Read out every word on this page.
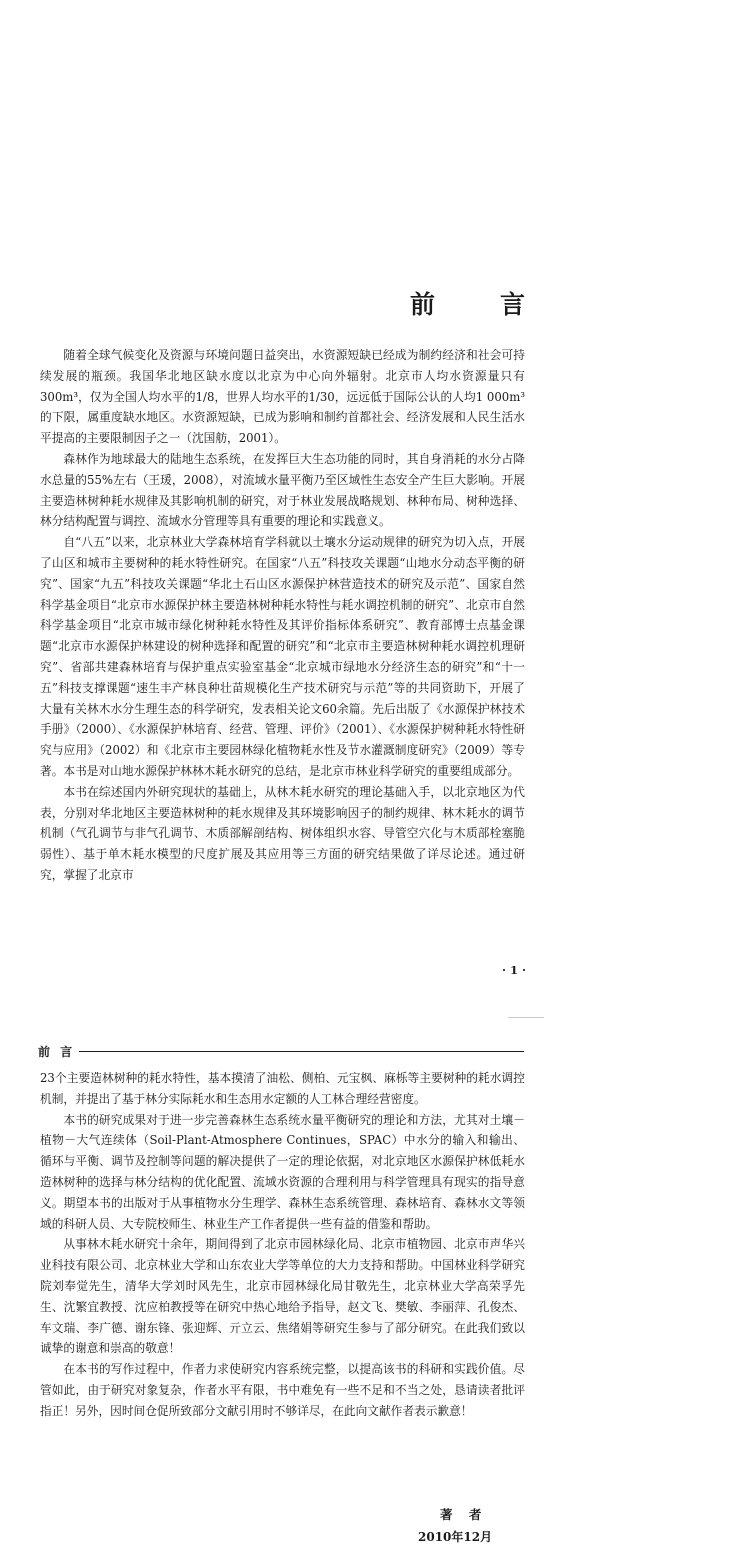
前	言

随着全球气候变化及资源与环境问题日益突出，水资源短缺已经成为制约经济和社会可持续发展的瓶颈。我国华北地区缺水度以北京为中心向外辐射。北京市人均水资源量只有300m³，仅为全国人均水平的1/8，世界人均水平的1/30，远远低于国际公认的人均1 000m³的下限，属重度缺水地区。水资源短缺，已成为影响和制约首都社会、经济发展和人民生活水平提高的主要限制因子之一（沈国舫，2001）。

森林作为地球最大的陆地生态系统，在发挥巨大生态功能的同时，其自身消耗的水分占降水总量的55%左右（王瑗，2008），对流域水量平衡乃至区域性生态安全产生巨大影响。开展主要造林树种耗水规律及其影响机制的研究，对于林业发展战略规划、林种布局、树种选择、林分结构配置与调控、流域水分管理等具有重要的理论和实践意义。

自“八五”以来，北京林业大学森林培育学科就以土壤水分运动规律的研究为切入点，开展了山区和城市主要树种的耗水特性研究。在国家“八五”科技攻关课题“山地水分动态平衡的研究”、国家“九五”科技攻关课题“华北土石山区水源保护林营造技术的研究及示范”、国家自然科学基金项目“北京市水源保护林主要造林树种耗水特性与耗水调控机制的研究”、北京市自然科学基金项目“北京市城市绿化树种耗水特性及其评价指标体系研究”、教育部博士点基金课题“北京市水源保护林建设的树种选择和配置的研究”和“北京市主要造林树种耗水调控机理研究”、省部共建森林培育与保护重点实验室基金“北京城市绿地水分经济生态的研究”和“十一五”科技支撑课题“速生丰产林良种壮苗规模化生产技术研究与示范”等的共同资助下，开展了大量有关林木水分生理生态的科学研究，发表相关论文60余篇。先后出版了《水源保护林技术手册》（2000）、《水源保护林培育、经营、管理、评价》（2001）、《水源保护树种耗水特性研究与应用》（2002）和《北京市主要园林绿化植物耗水性及节水灌溉制度研究》（2009）等专著。本书是对山地水源保护林林木耗水研究的总结，是北京市林业科学研究的重要组成部分。

本书在综述国内外研究现状的基础上，从林木耗水研究的理论基础入手，以北京地区为代表，分别对华北地区主要造林树种的耗水规律及其环境影响因子的制约规律、林木耗水的调节机制（气孔调节与非气孔调节、木质部解剖结构、树体组织水容、导管空穴化与木质部栓塞脆弱性）、基于单木耗水模型的尺度扩展及其应用等三方面的研究结果做了详尽论述。通过研究，掌握了北京市

· 1 ·
前 言

23个主要造林树种的耗水特性，基本摸清了油松、侧柏、元宝枫、麻栎等主要树种的耗水调控机制，并提出了基于林分实际耗水和生态用水定额的人工林合理经营密度。

本书的研究成果对于进一步完善森林生态系统水量平衡研究的理论和方法，尤其对土壤－植物－大气连续体（Soil-Plant-Atmosphere Continues，SPAC）中水分的输入和输出、循环与平衡、调节及控制等问题的解决提供了一定的理论依据，对北京地区水源保护林低耗水造林树种的选择与林分结构的优化配置、流域水资源的合理利用与科学管理具有现实的指导意义。期望本书的出版对于从事植物水分生理学、森林生态系统管理、森林培育、森林水文等领域的科研人员、大专院校师生、林业生产工作者提供一些有益的借鉴和帮助。

从事林木耗水研究十余年，期间得到了北京市园林绿化局、北京市植物园、北京市声华兴业科技有限公司、北京林业大学和山东农业大学等单位的大力支持和帮助。中国林业科学研究院刘奉觉先生，清华大学刘时风先生，北京市园林绿化局甘敬先生，北京林业大学高荣孚先生、沈繁宜教授、沈应柏教授等在研究中热心地给予指导，赵文飞、樊敏、李丽萍、孔俊杰、车文瑞、李广德、谢东锋、张迎辉、亓立云、焦绪娟等研究生参与了部分研究。在此我们致以诚挚的谢意和崇高的敬意！

在本书的写作过程中，作者力求使研究内容系统完整，以提高该书的科研和实践价值。尽管如此，由于研究对象复杂，作者水平有限，书中难免有一些不足和不当之处，恳请读者批评指正！另外，因时间仓促所致部分文献引用时不够详尽，在此向文献作者表示歉意！

著 者
2010年12月
